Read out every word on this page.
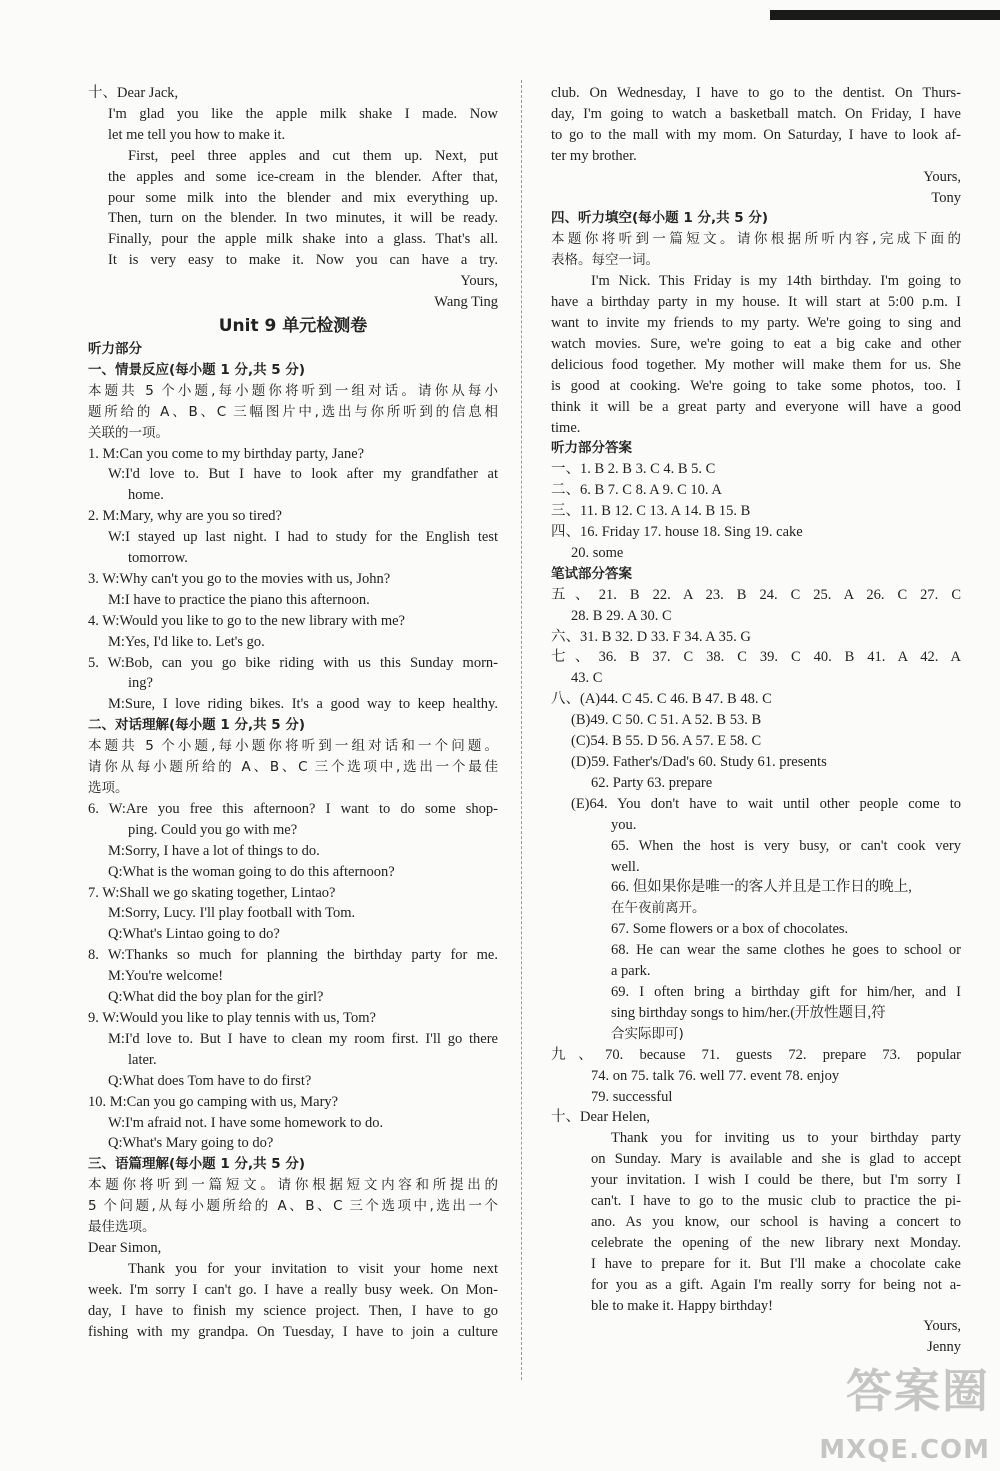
十、Dear Jack,
I'm glad you like the apple milk shake I made. Now
let me tell you how to make it.
First, peel three apples and cut them up. Next, put
the apples and some ice-cream in the blender. After that,
pour some milk into the blender and mix everything up.
Then, turn on the blender. In two minutes, it will be ready.
Finally, pour the apple milk shake into a glass. That's all.
It is very easy to make it. Now you can have a try.
Yours,
Wang Ting
Unit 9 单元检测卷
听力部分
一、情景反应(每小题 1 分,共 5 分)
本题共 5 个小题,每小题你将听到一组对话。请你从每小
题所给的 A、B、C 三幅图片中,选出与你所听到的信息相
关联的一项。
1. M:Can you come to my birthday party, Jane?
W:I'd love to. But I have to look after my grandfather at
home.
2. M:Mary, why are you so tired?
W:I stayed up last night. I had to study for the English test
tomorrow.
3. W:Why can't you go to the movies with us, John?
M:I have to practice the piano this afternoon.
4. W:Would you like to go to the new library with me?
M:Yes, I'd like to. Let's go.
5. W:Bob, can you go bike riding with us this Sunday morn-
ing?
M:Sure, I love riding bikes. It's a good way to keep healthy.
二、对话理解(每小题 1 分,共 5 分)
本题共 5 个小题,每小题你将听到一组对话和一个问题。
请你从每小题所给的 A、B、C 三个选项中,选出一个最佳
选项。
6. W:Are you free this afternoon? I want to do some shop-
ping. Could you go with me?
M:Sorry, I have a lot of things to do.
Q:What is the woman going to do this afternoon?
7. W:Shall we go skating together, Lintao?
M:Sorry, Lucy. I'll play football with Tom.
Q:What's Lintao going to do?
8. W:Thanks so much for planning the birthday party for me.
M:You're welcome!
Q:What did the boy plan for the girl?
9. W:Would you like to play tennis with us, Tom?
M:I'd love to. But I have to clean my room first. I'll go there
later.
Q:What does Tom have to do first?
10. M:Can you go camping with us, Mary?
W:I'm afraid not. I have some homework to do.
Q:What's Mary going to do?
三、语篇理解(每小题 1 分,共 5 分)
本题你将听到一篇短文。请你根据短文内容和所提出的
5 个问题,从每小题所给的 A、B、C 三个选项中,选出一个
最佳选项。
Dear Simon,
Thank you for your invitation to visit your home next
week. I'm sorry I can't go. I have a really busy week. On Mon-
day, I have to finish my science project. Then, I have to go
fishing with my grandpa. On Tuesday, I have to join a culture
club. On Wednesday, I have to go to the dentist. On Thurs-
day, I'm going to watch a basketball match. On Friday, I have
to go to the mall with my mom. On Saturday, I have to look af-
ter my brother.
Yours,
Tony
四、听力填空(每小题 1 分,共 5 分)
本题你将听到一篇短文。请你根据所听内容,完成下面的
表格。每空一词。
I'm Nick. This Friday is my 14th birthday. I'm going to
have a birthday party in my house. It will start at 5:00 p.m. I
want to invite my friends to my party. We're going to sing and
watch movies. Sure, we're going to eat a big cake and other
delicious food together. My mother will make them for us. She
is good at cooking. We're going to take some photos, too. I
think it will be a great party and everyone will have a good
time.
听力部分答案
一、1. B 2. B 3. C 4. B 5. C
二、6. B 7. C 8. A 9. C 10. A
三、11. B 12. C 13. A 14. B 15. B
四、16. Friday 17. house 18. Sing 19. cake
20. some
笔试部分答案
五、21. B 22. A 23. B 24. C 25. A 26. C 27. C
28. B 29. A 30. C
六、31. B 32. D 33. F 34. A 35. G
七、36. B 37. C 38. C 39. C 40. B 41. A 42. A
43. C
八、(A)44. C 45. C 46. B 47. B 48. C
(B)49. C 50. C 51. A 52. B 53. B
(C)54. B 55. D 56. A 57. E 58. C
(D)59. Father's/Dad's 60. Study 61. presents
62. Party 63. prepare
(E)64. You don't have to wait until other people come to
you.
65. When the host is very busy, or can't cook very
well.
66. 但如果你是唯一的客人并且是工作日的晚上,
在午夜前离开。
67. Some flowers or a box of chocolates.
68. He can wear the same clothes he goes to school or
a park.
69. I often bring a birthday gift for him/her, and I
sing birthday songs to him/her.(开放性题目,符
合实际即可)
九、70. because 71. guests 72. prepare 73. popular
74. on 75. talk 76. well 77. event 78. enjoy
79. successful
十、Dear Helen,
Thank you for inviting us to your birthday party
on Sunday. Mary is available and she is glad to accept
your invitation. I wish I could be there, but I'm sorry I
can't. I have to go to the music club to practice the pi-
ano. As you know, our school is having a concert to
celebrate the opening of the new library next Monday.
I have to prepare for it. But I'll make a chocolate cake
for you as a gift. Again I'm really sorry for being not a-
ble to make it. Happy birthday!
Yours,
Jenny
答案圈
MXQE.COM
